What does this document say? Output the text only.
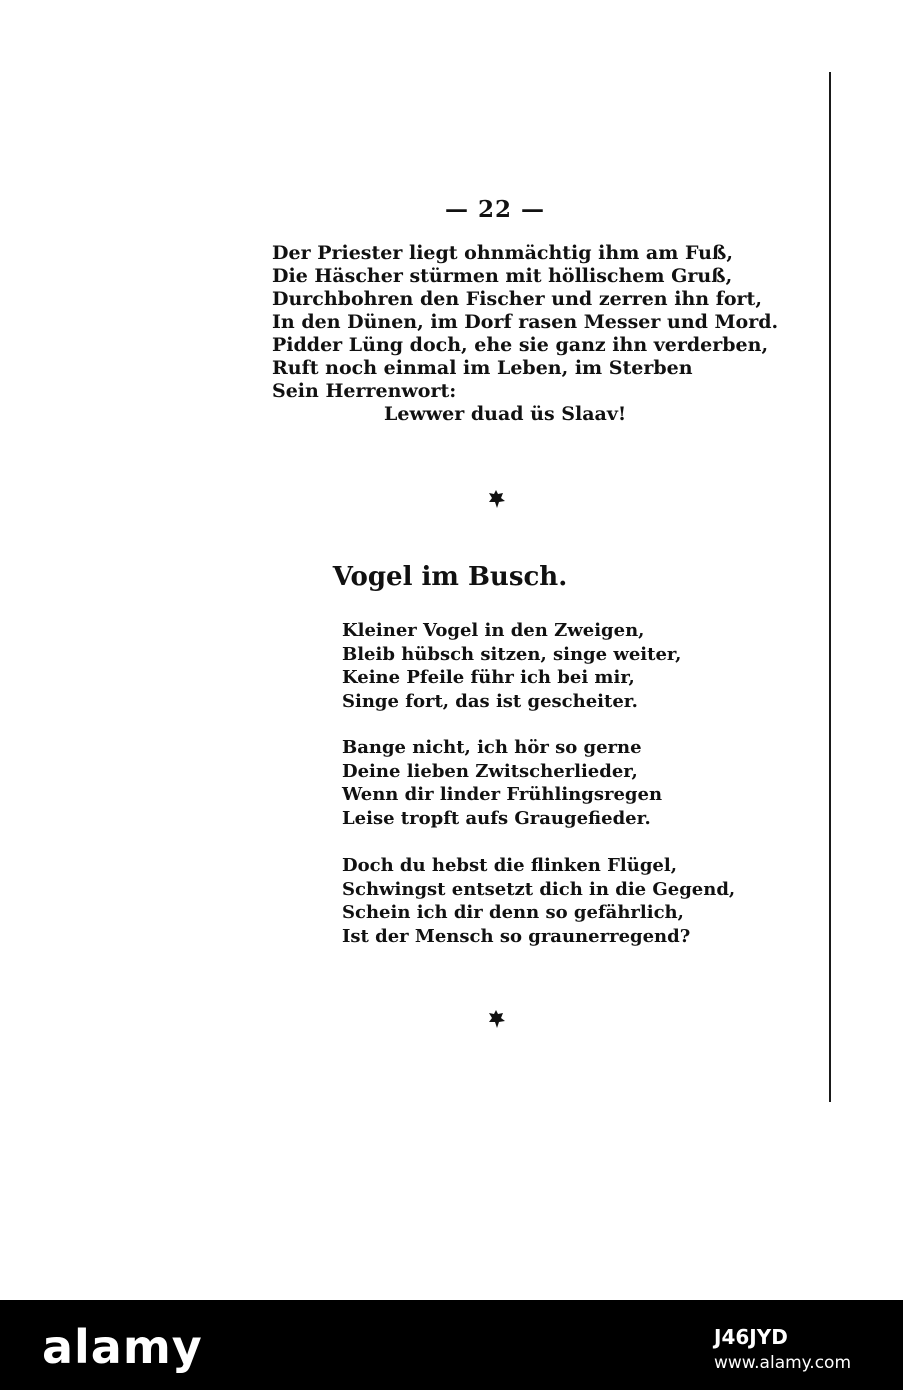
— 22 —
Der Priester liegt ohnmächtig ihm am Fuß,
Die Häscher stürmen mit höllischem Gruß,
Durchbohren den Fischer und zerren ihn fort,
In den Dünen, im Dorf rasen Messer und Mord.
Pidder Lüng doch, ehe sie ganz ihn verderben,
Ruft noch einmal im Leben, im Sterben
Sein Herrenwort:
Lewwer duad üs Slaav!
Vogel im Busch.
Kleiner Vogel in den Zweigen,
Bleib hübsch sitzen, singe weiter,
Keine Pfeile führ ich bei mir,
Singe fort, das ist gescheiter.
Bange nicht, ich hör so gerne
Deine lieben Zwitscherlieder,
Wenn dir linder Frühlingsregen
Leise tropft aufs Graugefieder.
Doch du hebst die flinken Flügel,
Schwingst entsetzt dich in die Gegend,
Schein ich dir denn so gefährlich,
Ist der Mensch so graunerregend?
alamy	J46JYD
www.alamy.com
